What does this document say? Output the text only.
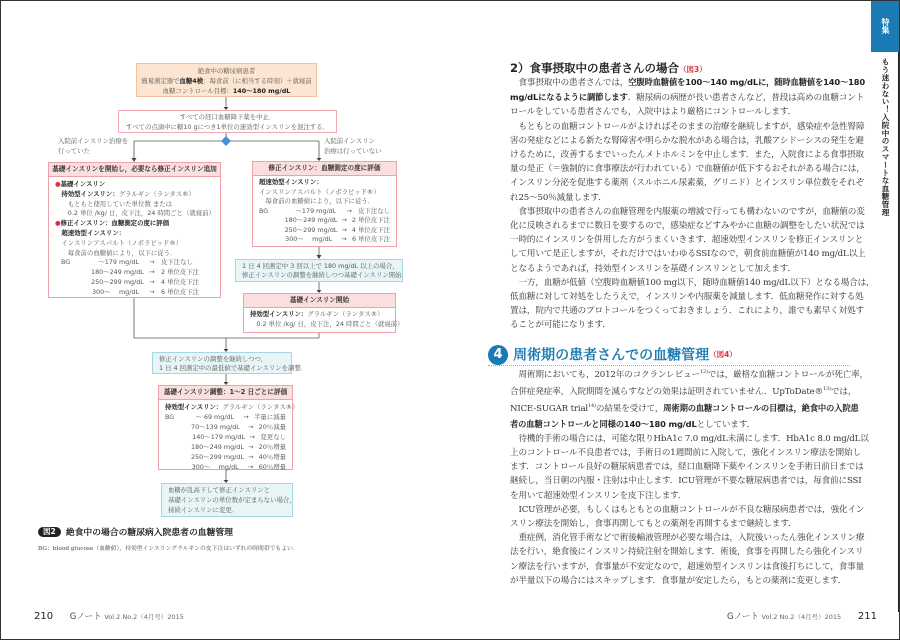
絶食中の糖尿病患者
簡易測定器で血糖4検：毎食前（に相当する時刻）＋就寝前
血糖コントロール目標：140～180 mg/dL
すべての経口血糖降下薬を中止．
すべての点滴中に糖10 gにつき1単位の速効型インスリンを混注する．
入院前インスリン治療を
行っていた
入院前インスリン
治療は行っていない
基礎インスリンを開始し，必要なら修正インスリン追加
●基礎インスリン
　持効型インスリン：グラルギン（ランタス®）
　　もともと使用していた単位数 または
　　0.2 単位 /kg/ 日，皮下注，24 時間ごと（就寝前）
●修正インスリン：血糖測定の度に評価
　超速効型インスリン：
　インスリンアスパルト（ノボラピッド®）
　　毎食前の血糖値により，以下に従う．
BG	～179 mg/dL	→ 皮下注なし
180～249 mg/dL → 2 単位皮下注
250～299 mg/dL → 4 単位皮下注
300～　 mg/dL	→ 6 単位皮下注
修正インスリン：血糖測定の度に評価
超速効型インスリン：
インスリンアスパルト（ノボラピッド®）
　毎食前の血糖値により，以下に従う．
BG	～179 mg/dL	→ 皮下注なし
180～249 mg/dL → 2 単位皮下注
250～299 mg/dL → 4 単位皮下注
300～　 mg/dL	→ 6 単位皮下注
1 日 4 回測定中 3 回以上で 180 mg/dL 以上の場合，
修正インスリンの調整を継続しつつ基礎インスリン開始．
基礎インスリン開始
持効型インスリン：グラルギン（ランタス®）
　0.2 単位 /kg/ 日，皮下注，24 時間ごと（就寝前）
修正インスリンの調整を継続しつつ，
1 日 4 回測定中の最低値で基礎インスリンを調整．
基礎インスリン調整：1～2 日ごとに評価
持効型インスリン：グラルギン（ランタス®）
BG	～ 69 mg/dL	→ 半量に減量
70～139 mg/dL	→ 20％減量
140～179 mg/dL → 変更なし
180～249 mg/dL → 20％増量
250～299 mg/dL → 40％増量
300～　 mg/dL	→ 60％増量
血糖が乱高下して修正インスリンと
基礎インスリンの単位数が定まらない場合，
持続インスリンに変更．
図2 絶食中の場合の糖尿病入院患者の血糖管理
BG：blood glucose（血糖値），持効型インスリングラルギンの皮下注はいずれの時間帯でもよい．
210 Gノート Vol.2 No.2（4月号）2015
2）食事摂取中の患者さんの場合（図3）
　食事摂取中の患者さんでは，空腹時血糖値を100～140 mg/dLに，随時血糖値を140～180
mg/dLになるように調節します．糖尿病の病歴が長い患者さんなど，普段は高めの血糖コント
ロールをしている患者さんでも，入院中はより厳格にコントロールします．
　もともとの血糖コントロールがよければそのままの治療を継続しますが，感染症や急性腎障
害の発症などによる新たな腎障害や明らかな脱水がある場合は，乳酸アシドーシスの発生を避
けるために，改善するまでいったんメトホルミンを中止します．また，入院食による食事摂取
量の是正（＝強制的に食事療法が行われている）で血糖値が低下するおそれがある場合には，
インスリン分泌を促進する薬剤（スルホニル尿素薬，グリニド）とインスリン単位数をそれぞ
れ25～50％減量します．
　食事摂取中の患者さんの血糖管理を内服薬の増減で行っても構わないのですが，血糖値の変
化に反映されるまでに数日を要するので，感染症などすみやかに血糖の調整をしたい状況では
一時的にインスリンを併用した方がうまくいきます．超速効型インスリンを修正インスリンと
して用いて是正しますが，それだけではいわゆるSSIなので，朝食前血糖値が140 mg/dL以上
となるようであれば，持効型インスリンを基礎インスリンとして加えます．
　一方，血糖が低値（空腹時血糖値100 mg以下，随時血糖値140 mg/dL以下）となる場合は，
低血糖に対して対処をしたうえで，インスリンや内服薬を減量します．低血糖発作に対する処
置は，院内で共通のプロトコールをつくっておきましょう．これにより，誰でも素早く対処す
ることが可能になります．
4 周術期の患者さんでの血糖管理（図4）
　周術期においても，2012年のコクランレビュー$^{12)}$では，厳格な血糖コントロールが死亡率，
合併症発症率，入院期間を減らすなどの効果は証明されていません．UpToDate®$^{13)}$では，
NICE-SUGAR trial$^{14)}$の結果を受けて，周術期の血糖コントロールの目標は，絶食中の入院患
者の血糖コントロールと同様の140～180 mg/dLとしています．
　待機的手術の場合には，可能な限りHbA1c 7.0 mg/dL未満にします．HbA1c 8.0 mg/dL以
上のコントロール不良患者では，手術日の1週間前に入院して，強化インスリン療法を開始し
ます．コントロール良好の糖尿病患者では，経口血糖降下薬やインスリンを手術日前日までは
継続し，当日朝の内服・注射は中止します．ICU管理が不要な糖尿病患者では，毎食前にSSI
を用いて超速効型インスリンを皮下注します．
　ICU管理が必要，もしくはもともとの血糖コントロールが不良な糖尿病患者では，強化イン
スリン療法を開始し，食事再開してもとの薬剤を再開するまで継続します．
　重症例，消化管手術などで術後輸液管理が必要な場合は，入院後いったん強化インスリン療
法を行い，絶食後にインスリン持続注射を開始します．術後，食事を再開したら強化インスリ
ン療法を行いますが，食事量が不安定なので，超速効型インスリンは食後打ちにして，食事量
が半量以下の場合にはスキップします．食事量が安定したら，もとの薬剤に変更します．
特集
もう迷わない！入院中のスマートな血糖管理
Gノート Vol.2 No.2（4月号）2015 211
